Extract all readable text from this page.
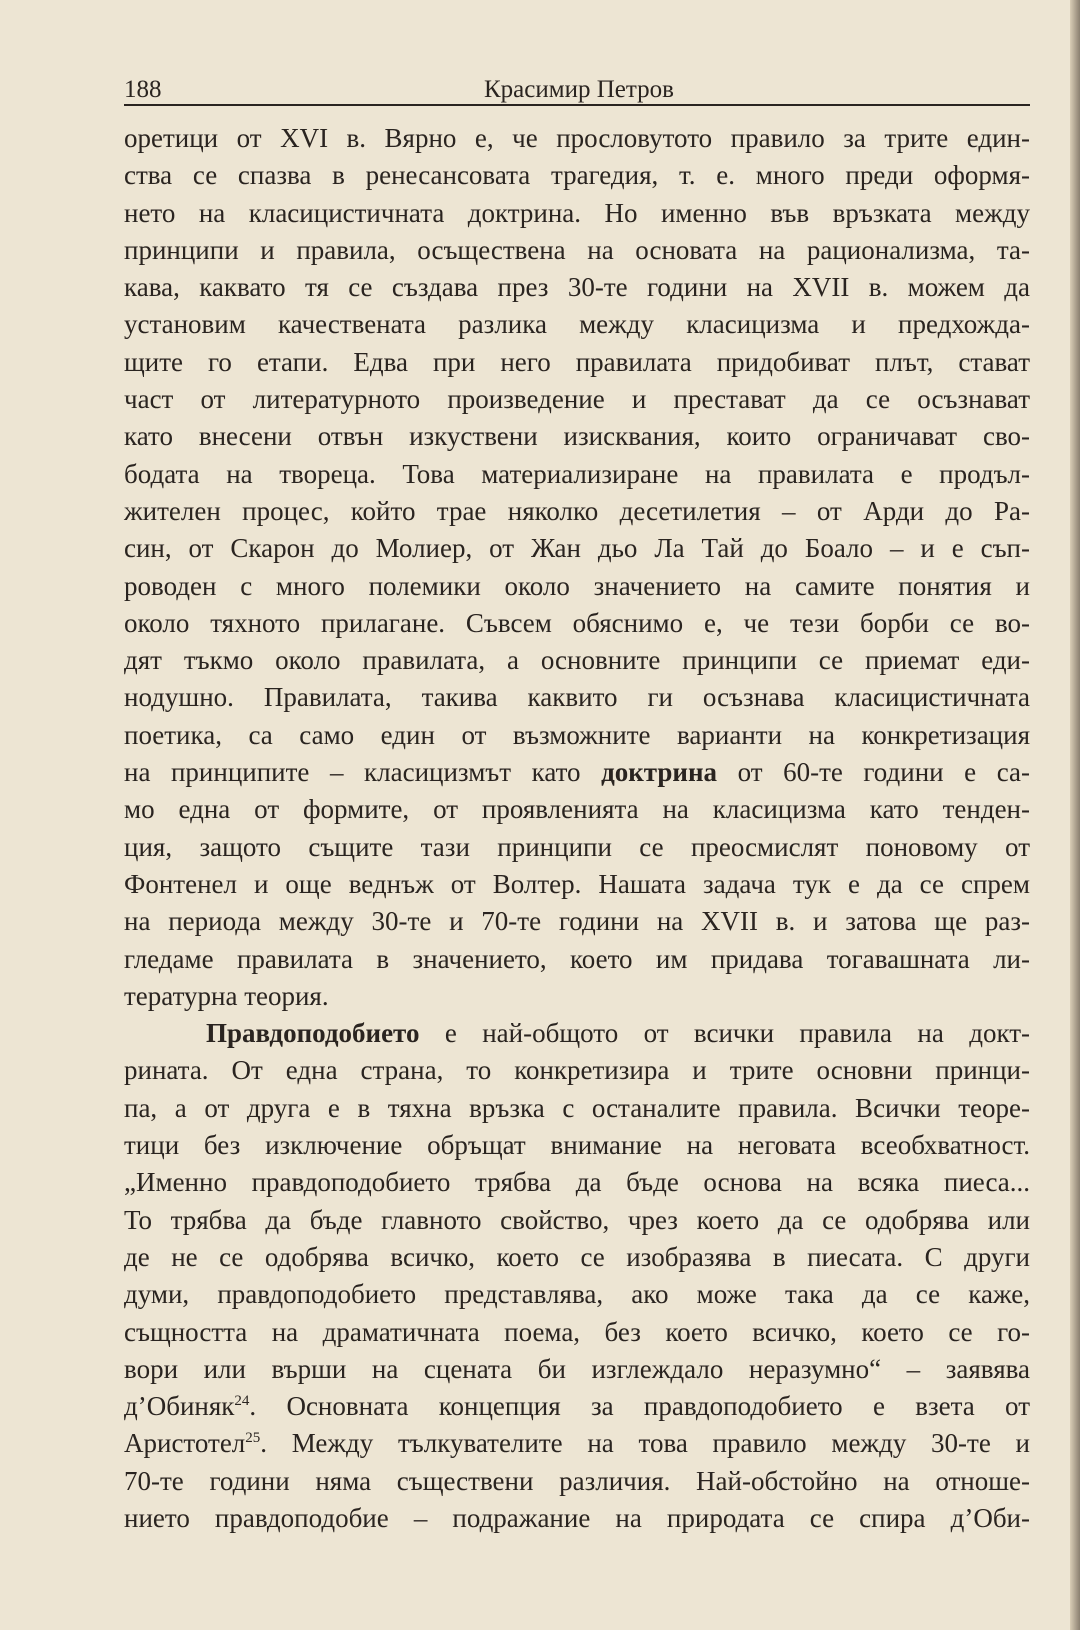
188	Красимир Петров
оретици от XVI в. Вярно е, че прословутото правило за трите един-
ства се спазва в ренесансовата трагедия, т. е. много преди оформя-
нето на класицистичната доктрина. Но именно във връзката между
принципи и правила, осъществена на основата на рационализма, та-
кава, каквато тя се създава през 30-те години на XVII в. можем да
установим качествената разлика между класицизма и предхожда-
щите го етапи. Едва при него правилата придобиват плът, стават
част от литературното произведение и престават да се осъзнават
като внесени отвън изкуствени изисквания, които ограничават сво-
бодата на твореца. Това материализиране на правилата е продъл-
жителен процес, който трае няколко десетилетия – от Арди до Ра-
син, от Скарон до Молиер, от Жан дьо Ла Тай до Боало – и е съп-
роводен с много полемики около значението на самите понятия и
около тяхното прилагане. Съвсем обяснимо е, че тези борби се во-
дят тъкмо около правилата, а основните принципи се приемат еди-
нодушно. Правилата, такива каквито ги осъзнава класицистичната
поетика, са само един от възможните варианти на конкретизация
на принципите – класицизмът като доктрина от 60-те години е са-
мо една от формите, от проявленията на класицизма като тенден-
ция, защото същите тази принципи се преосмислят поновому от
Фонтенел и още веднъж от Волтер. Нашата задача тук е да се спрем
на периода между 30-те и 70-те години на XVII в. и затова ще раз-
гледаме правилата в значението, което им придава тогавашната ли-
тературна теория.
Правдоподобието е най-общото от всички правила на докт-
рината. От една страна, то конкретизира и трите основни принци-
па, а от друга е в тяхна връзка с останалите правила. Всички теоре-
тици без изключение обръщат внимание на неговата всеобхватност.
„Именно правдоподобието трябва да бъде основа на всяка пиеса...
То трябва да бъде главното свойство, чрез което да се одобрява или
де не се одобрява всичко, което се изобразява в пиесата. С други
думи, правдоподобието представлява, ако може така да се каже,
същността на драматичната поема, без което всичко, което се го-
вори или върши на сцената би изглеждало неразумно“ – заявява
д’Обиняк$^{24}$. Основната концепция за правдоподобието е взета от
Аристотел$^{25}$. Между тълкувателите на това правило между 30-те и
70-те години няма съществени различия. Най-обстойно на отноше-
нието правдоподобие – подражание на природата се спира д’Оби-
